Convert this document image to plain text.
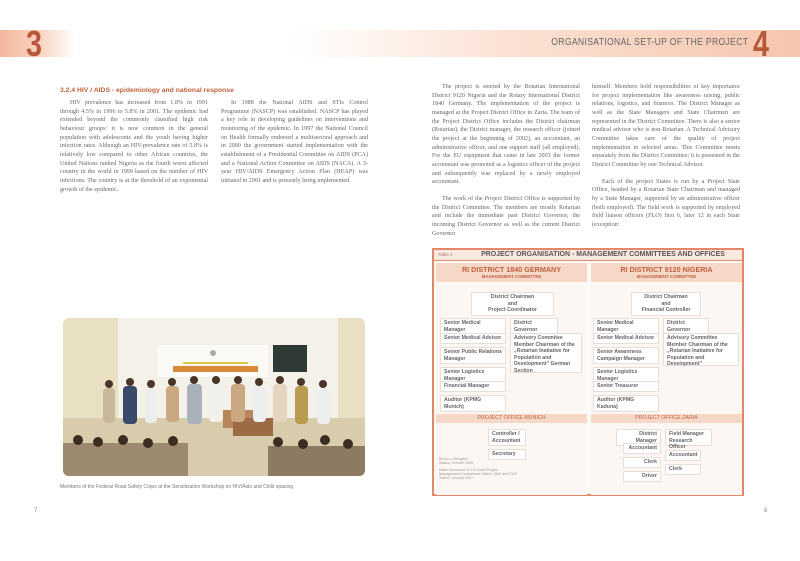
3
3.2.4 HIV / AIDS - epidemiology and national response

HIV prevalence has increased from 1.8% in 1991 through 4.5% in 1996 to 5.8% in 2001. The epidemic had extended beyond the commonly classified high risk behaviour groups: it is now common in the general population with adolescents and the youth having higher infection rates. Although an HIV-prevalence rate of 5.8% is relatively low compared to other African countries, the United Nations ranked Nigeria as the fourth worst affected country in the world in 1999 based on the number of HIV infections. The country is at the threshold of an exponential growth of the epidemic.

In 1988 the National AIDS and STIs Control Programme (NASCP) was established. NASCP has played a key role in developing guidelines on interventions and monitoring of the epidemic. In 1997 the National Council on Health formally endorsed a multisectoral approach and in 2000 the government started implementation with the establishment of a Presidential Committee on AIDS (PCA) and a National Action Committee on AIDS (NACA). A 3-year HIV/AIDS Emergency Action Plan (HEAP) was initiated in 2001 and is presently being implemented.

Members of the Federal Road Safety Corps at the Sensitization Workshop on HIV/Aids and Child spacing
7
ORGANISATIONAL SET-UP OF THE PROJECT 4

The project is steered by the Rotarian International District 9120 Nigeria and the Rotary International District 1840 Germany. The implementation of the project is managed at the Project District Office in Zaria. The team of the Project District Office includes the District chairman (Rotarian), the District manager, the research officer (joined the project at the beginning of 2002), an accountant, an administrative officer, and one support staff (all employed). For the EU equipment that came in late 2003 the former accountant was promoted as a logistics officer of the project and subsequently was replaced by a newly employed accountant.

The work of the Project District Office is supported by the District Committee. The members are mostly Rotarian and include the immediate past District Governor, the incoming District Governor as well as the current District Governor

himself. Members hold responsibilities of key importance for project implementation like awareness raising, public relations, logistics, and finances. The District Manager as well as the State Managers and State Chairmen are represented in the District Committee. There is also a senior medical advisor who is non-Rotarian. A Technical Advisory Committee takes care of the quality of project implementation in selected areas. This Committee meets separately from the District Committee; it is presented in the District Committee by one Technical Advisor.

Each of the project States is run by a Project State Office, headed by a Rotarian State Chairman and managed by a State Manager, supported by an administrative officer (both employed). The field work is supported by employed field liaison officers (FLO) first 6, later 12 in each State (exception:

Table 1	PROJECT ORGANISATION - MANAGEMENT COMMITTEES AND OFFICES
RI DISTRICT 1840 GERMANY
MANAGEMENT COMMITTEE
District Chairman
and
Project Coordinator
Senior Medical Manager
Senior Medical Advisor
Senior Public Relations Manager
Senior Logistics Manager
Financial Manager
Auditor (KPMG Munich)
District Governor
Advisory Commitee Member Chairman of the „Rotarian Inatiative for Population and Development" German Section
PROJECT OFFICE MUNICH
Controller / Accountant
Secretary
Bruno v. Mengden
Status: October 2005
Basic Document of 3-H Grant Project
Management Committees District 1840 and 9120
Status: January 2001
RI DISTRICT 9120 NIGERIA
MANAGEMENT COMMITTEE
District Chairman
and
Financial Controller
Senior Medical Manager
Senior Medical Advisor
Senior Awareness Campaign Manager
Senior Logistics Manager
Senior Treasurer
Auditor (KPMG Kaduna)
District Governor
Advisory Committee Member Chairman of the „Rotarian Inatiative for Population and Development"
PROJECT OFFICE ZARIA
District Manager
Accountant
Clerk
Driver
Field Manager Research Officer
Accountant
Clerk
8
